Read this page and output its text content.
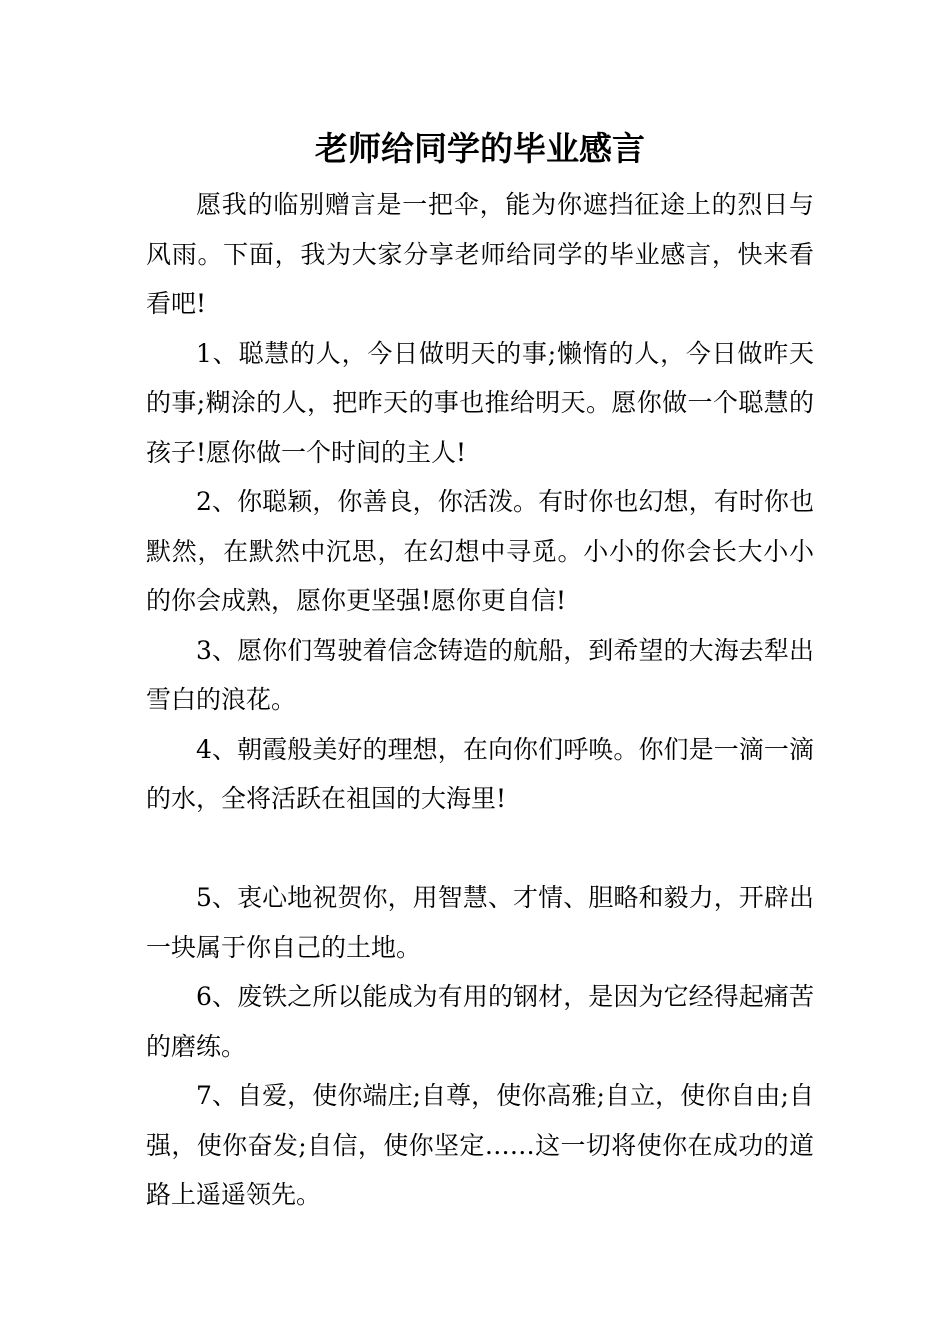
老师给同学的毕业感言

愿我的临别赠言是一把伞，能为你遮挡征途上的烈日与风雨。下面，我为大家分享老师给同学的毕业感言，快来看看吧!

1、聪慧的人，今日做明天的事;懒惰的人，今日做昨天的事;糊涂的人，把昨天的事也推给明天。愿你做一个聪慧的孩子!愿你做一个时间的主人!

2、你聪颖，你善良，你活泼。有时你也幻想，有时你也默然，在默然中沉思，在幻想中寻觅。小小的你会长大小小的你会成熟，愿你更坚强!愿你更自信!

3、愿你们驾驶着信念铸造的航船，到希望的大海去犁出雪白的浪花。

4、朝霞般美好的理想，在向你们呼唤。你们是一滴一滴的水，全将活跃在祖国的大海里!

5、衷心地祝贺你，用智慧、才情、胆略和毅力，开辟出一块属于你自己的土地。

6、废铁之所以能成为有用的钢材，是因为它经得起痛苦的磨练。

7、自爱，使你端庄;自尊，使你高雅;自立，使你自由;自强，使你奋发;自信，使你坚定……这一切将使你在成功的道路上遥遥领先。
